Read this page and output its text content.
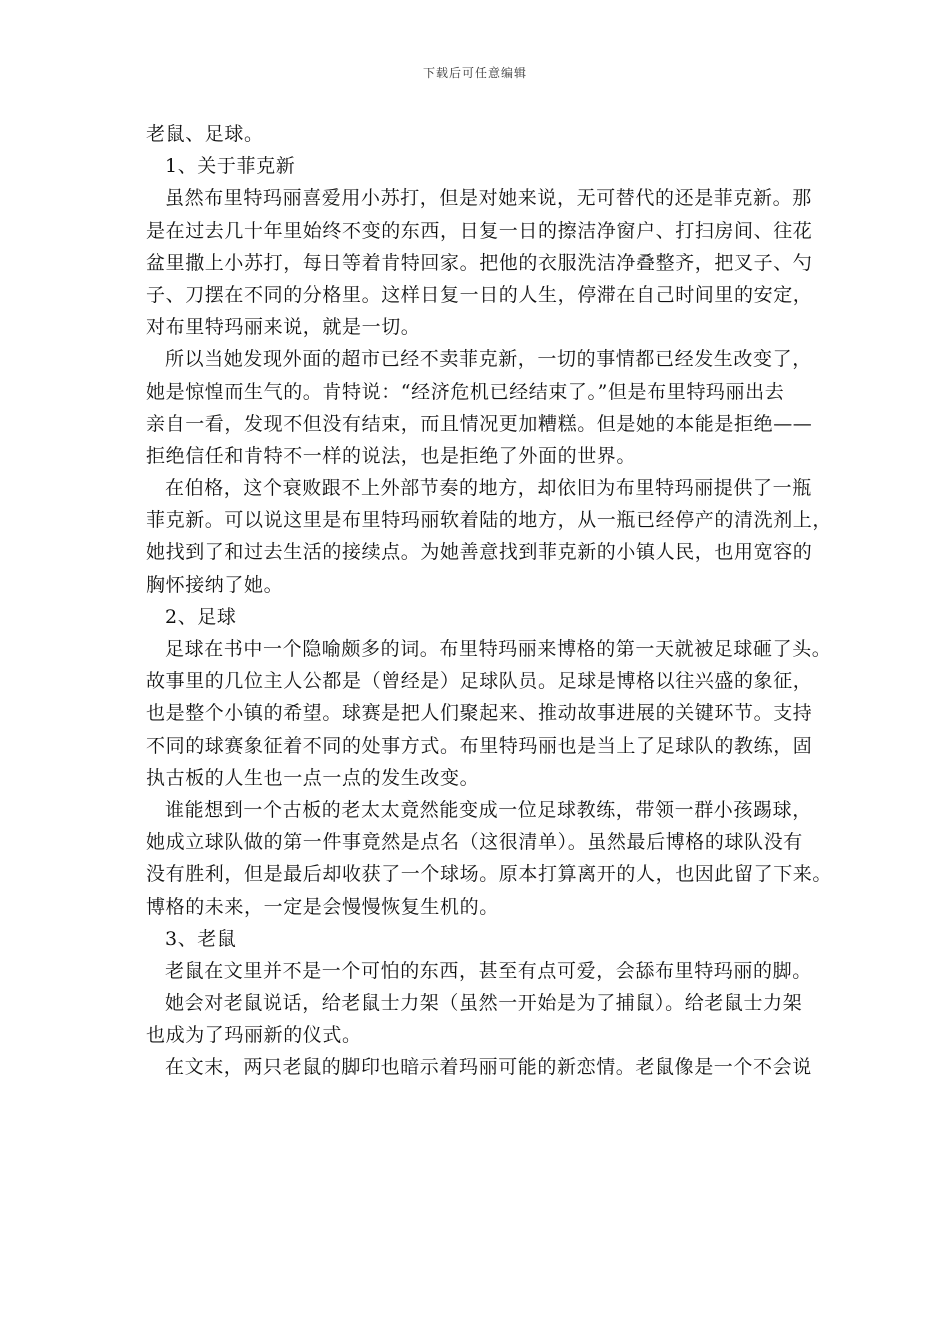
下载后可任意编辑
老鼠、足球。
1、关于菲克新
虽然布里特玛丽喜爱用小苏打，但是对她来说，无可替代的还是菲克新。那
是在过去几十年里始终不变的东西，日复一日的擦洁净窗户、打扫房间、往花
盆里撒上小苏打，每日等着肯特回家。把他的衣服洗洁净叠整齐，把叉子、勺
子、刀摆在不同的分格里。这样日复一日的人生，停滞在自己时间里的安定，
对布里特玛丽来说，就是一切。
所以当她发现外面的超市已经不卖菲克新，一切的事情都已经发生改变了，
她是惊惶而生气的。肯特说：“经济危机已经结束了。”但是布里特玛丽出去
亲自一看，发现不但没有结束，而且情况更加糟糕。但是她的本能是拒绝——
拒绝信任和肯特不一样的说法，也是拒绝了外面的世界。
在伯格，这个衰败跟不上外部节奏的地方，却依旧为布里特玛丽提供了一瓶
菲克新。可以说这里是布里特玛丽软着陆的地方，从一瓶已经停产的清洗剂上，
她找到了和过去生活的接续点。为她善意找到菲克新的小镇人民，也用宽容的
胸怀接纳了她。
2、足球
足球在书中一个隐喻颇多的词。布里特玛丽来博格的第一天就被足球砸了头。
故事里的几位主人公都是（曾经是）足球队员。足球是博格以往兴盛的象征，
也是整个小镇的希望。球赛是把人们聚起来、推动故事进展的关键环节。支持
不同的球赛象征着不同的处事方式。布里特玛丽也是当上了足球队的教练，固
执古板的人生也一点一点的发生改变。
谁能想到一个古板的老太太竟然能变成一位足球教练，带领一群小孩踢球，
她成立球队做的第一件事竟然是点名（这很清单）。虽然最后博格的球队没有
没有胜利，但是最后却收获了一个球场。原本打算离开的人，也因此留了下来。
博格的未来，一定是会慢慢恢复生机的。
3、老鼠
老鼠在文里并不是一个可怕的东西，甚至有点可爱，会舔布里特玛丽的脚。
她会对老鼠说话，给老鼠士力架（虽然一开始是为了捕鼠）。给老鼠士力架
也成为了玛丽新的仪式。
在文末，两只老鼠的脚印也暗示着玛丽可能的新恋情。老鼠像是一个不会说
